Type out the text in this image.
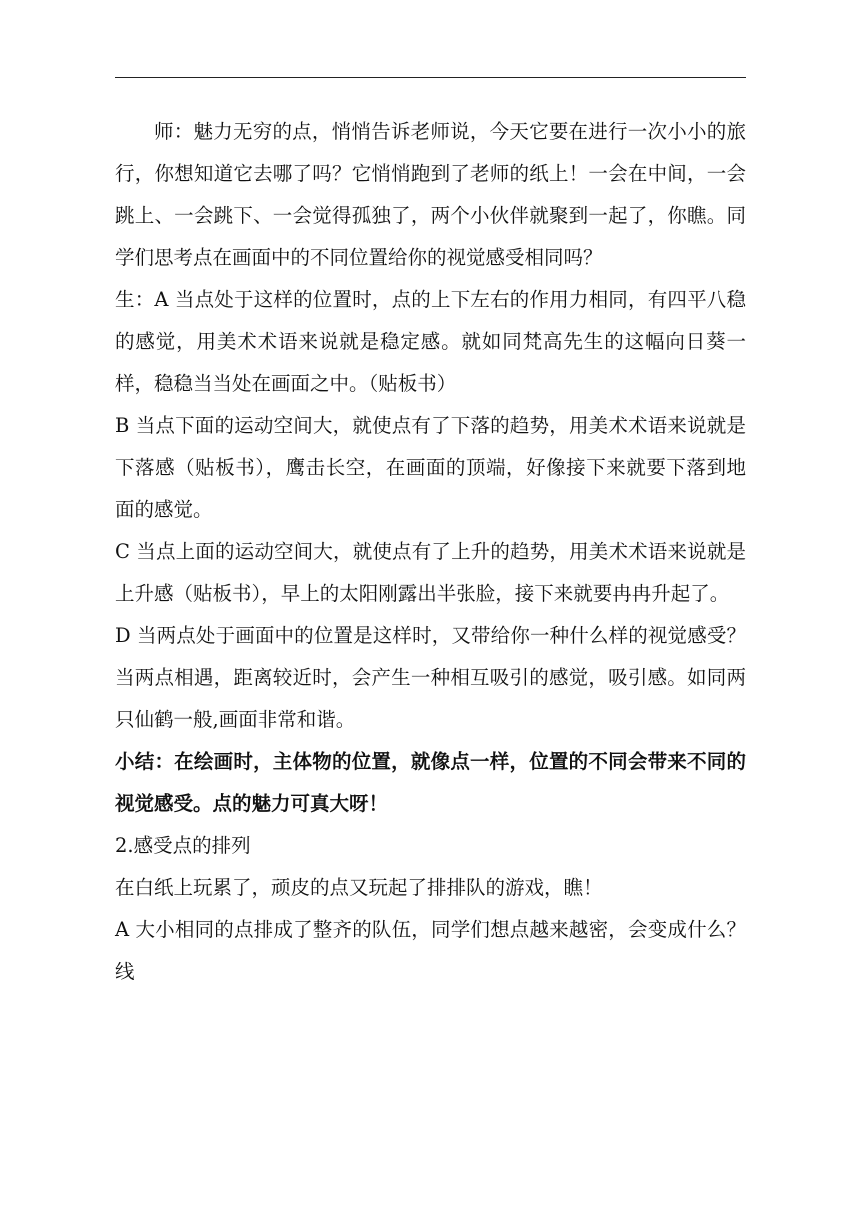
师：魅力无穷的点，悄悄告诉老师说，今天它要在进行一次小小的旅行，你想知道它去哪了吗？它悄悄跑到了老师的纸上！一会在中间，一会跳上、一会跳下、一会觉得孤独了，两个小伙伴就聚到一起了，你瞧。同学们思考点在画面中的不同位置给你的视觉感受相同吗？

生：A 当点处于这样的位置时，点的上下左右的作用力相同，有四平八稳的感觉，用美术术语来说就是稳定感。就如同梵高先生的这幅向日葵一样，稳稳当当处在画面之中。（贴板书）

B 当点下面的运动空间大，就使点有了下落的趋势，用美术术语来说就是下落感（贴板书），鹰击长空，在画面的顶端，好像接下来就要下落到地面的感觉。

C 当点上面的运动空间大，就使点有了上升的趋势，用美术术语来说就是上升感（贴板书），早上的太阳刚露出半张脸，接下来就要冉冉升起了。

D 当两点处于画面中的位置是这样时，又带给你一种什么样的视觉感受？当两点相遇，距离较近时，会产生一种相互吸引的感觉，吸引感。如同两只仙鹤一般,画面非常和谐。

小结：在绘画时，主体物的位置，就像点一样，位置的不同会带来不同的视觉感受。点的魅力可真大呀！

2.感受点的排列

在白纸上玩累了，顽皮的点又玩起了排排队的游戏，瞧！

A 大小相同的点排成了整齐的队伍，同学们想点越来越密，会变成什么？线
